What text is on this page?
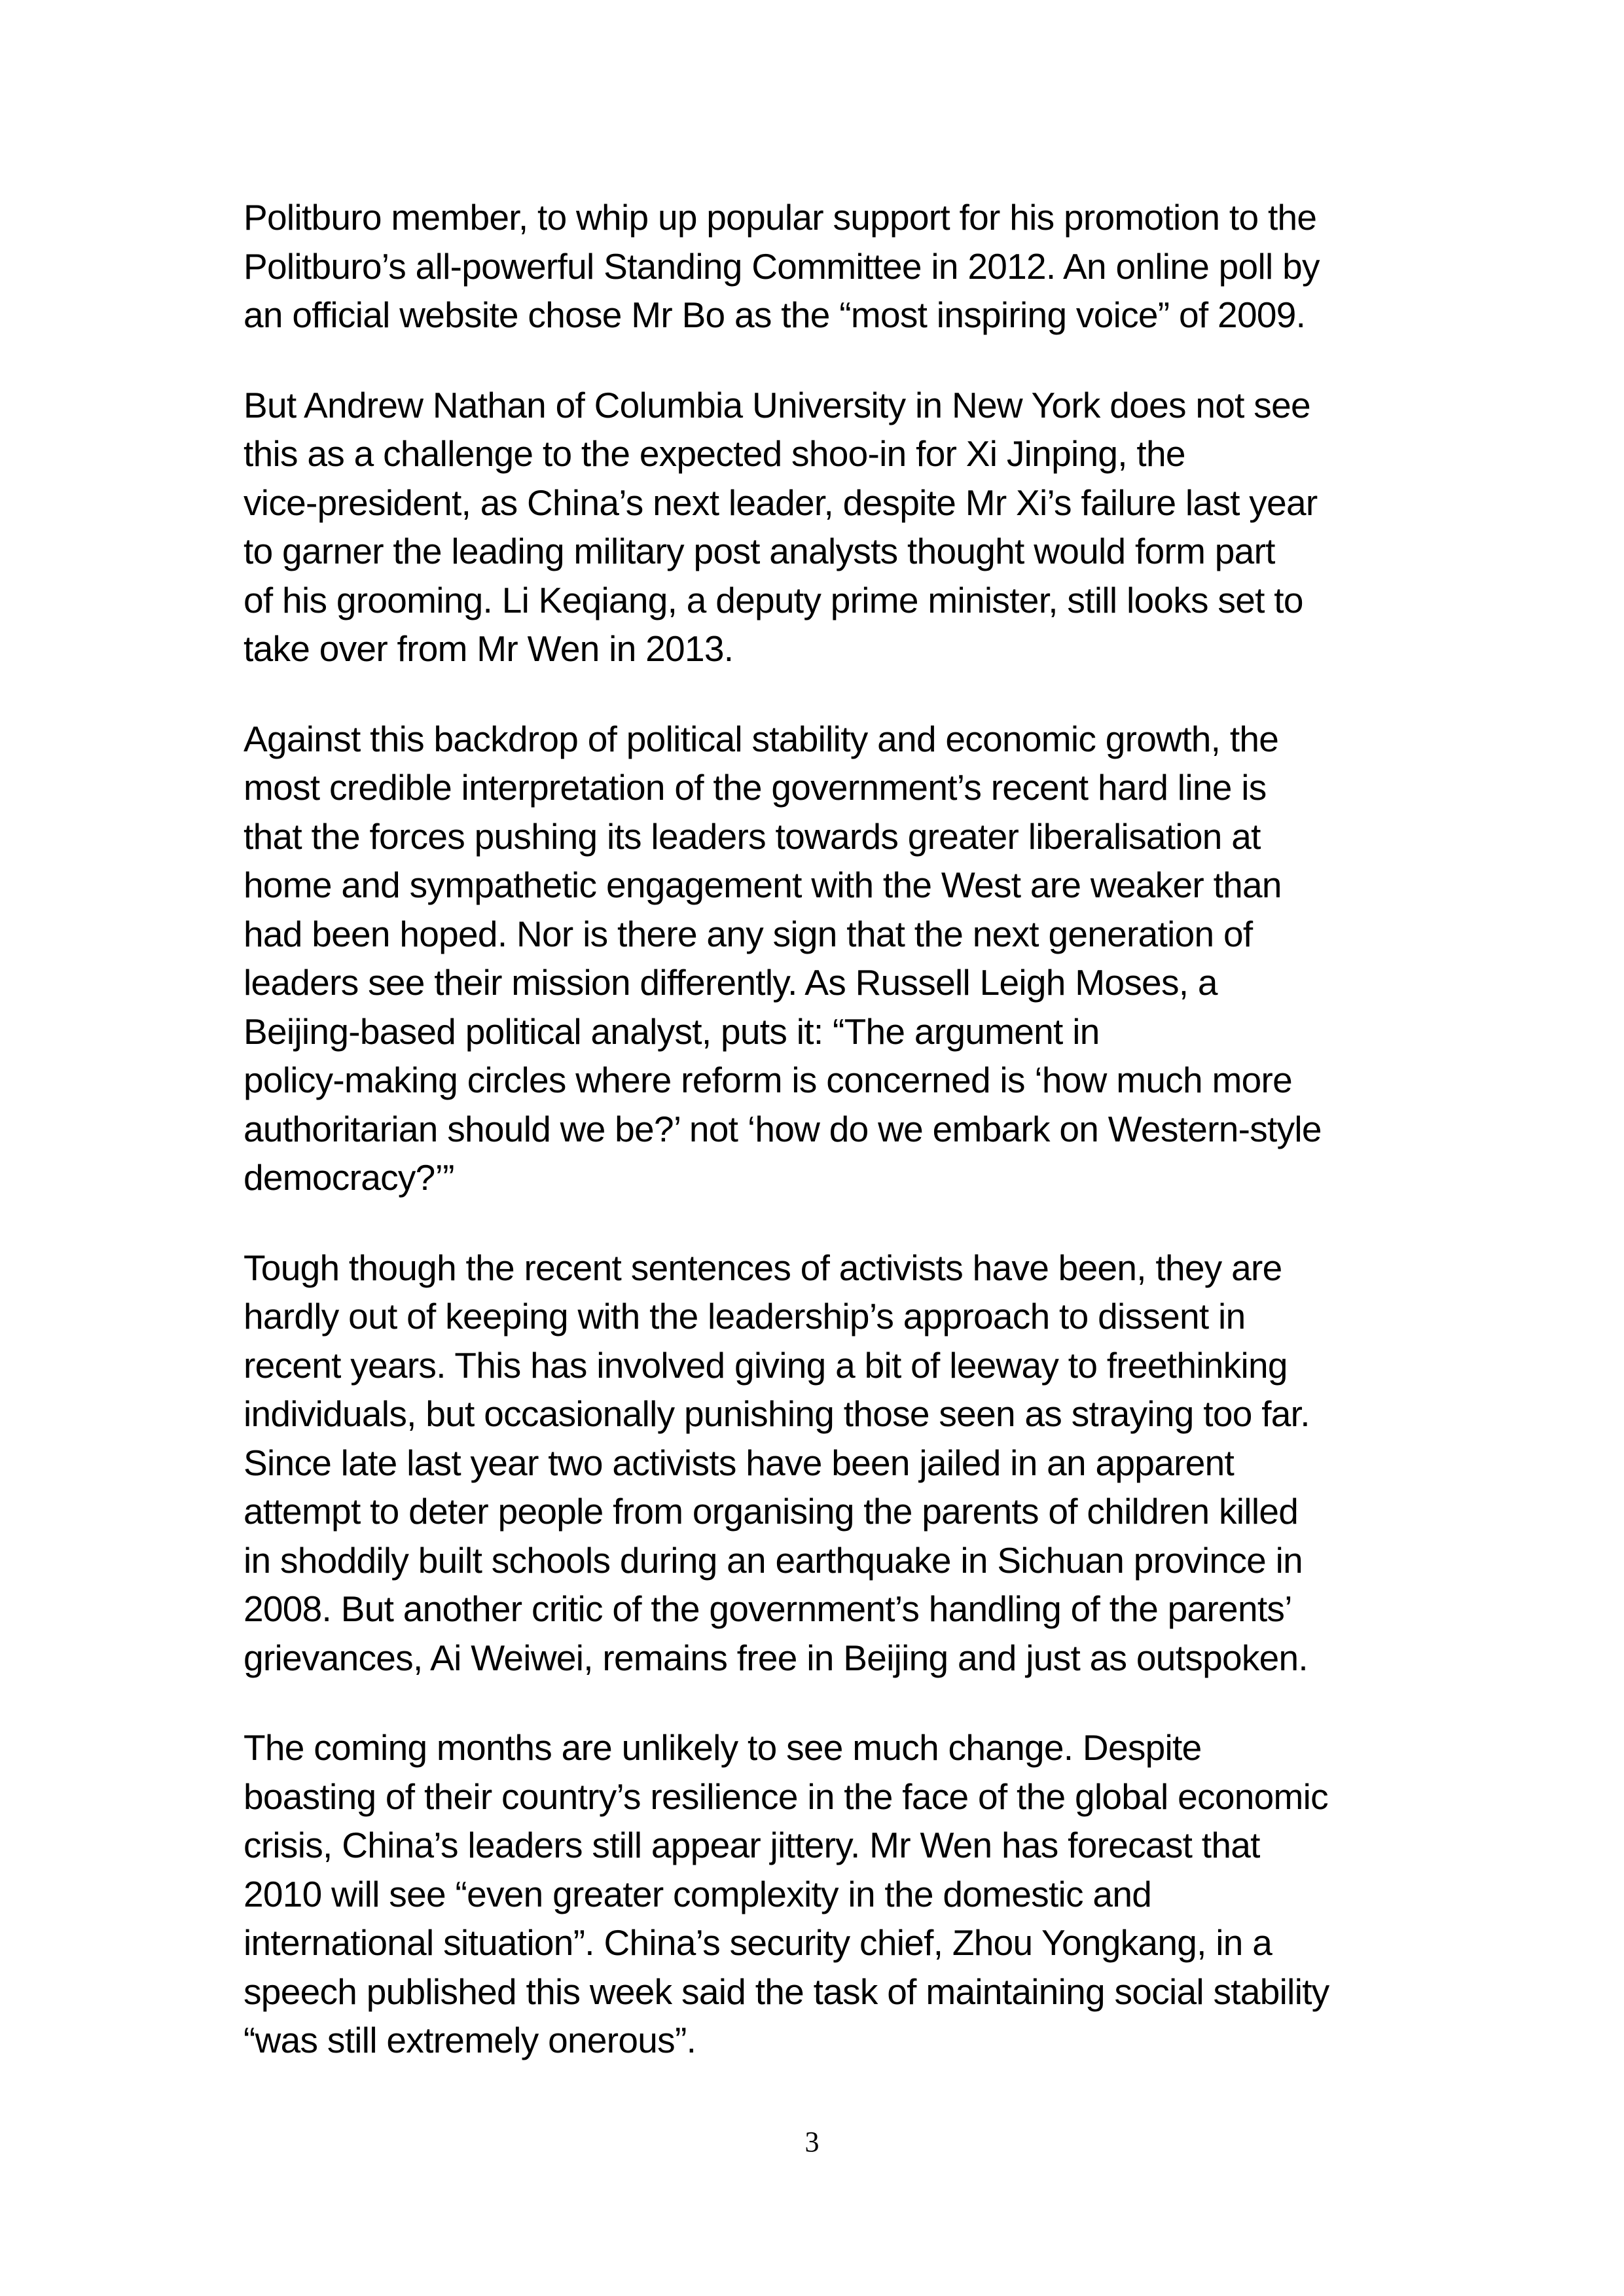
Politburo member, to whip up popular support for his promotion to the
Politburo’s all-powerful Standing Committee in 2012. An online poll by
an official website chose Mr Bo as the “most inspiring voice” of 2009.

But Andrew Nathan of Columbia University in New York does not see
this as a challenge to the expected shoo-in for Xi Jinping, the
vice-president, as China’s next leader, despite Mr Xi’s failure last year
to garner the leading military post analysts thought would form part
of his grooming. Li Keqiang, a deputy prime minister, still looks set to
take over from Mr Wen in 2013.

Against this backdrop of political stability and economic growth, the
most credible interpretation of the government’s recent hard line is
that the forces pushing its leaders towards greater liberalisation at
home and sympathetic engagement with the West are weaker than
had been hoped. Nor is there any sign that the next generation of
leaders see their mission differently. As Russell Leigh Moses, a
Beijing-based political analyst, puts it: “The argument in
policy-making circles where reform is concerned is ‘how much more
authoritarian should we be?’ not ‘how do we embark on Western-style
democracy?’”

Tough though the recent sentences of activists have been, they are
hardly out of keeping with the leadership’s approach to dissent in
recent years. This has involved giving a bit of leeway to freethinking
individuals, but occasionally punishing those seen as straying too far.
Since late last year two activists have been jailed in an apparent
attempt to deter people from organising the parents of children killed
in shoddily built schools during an earthquake in Sichuan province in
2008. But another critic of the government’s handling of the parents’
grievances, Ai Weiwei, remains free in Beijing and just as outspoken.

The coming months are unlikely to see much change. Despite
boasting of their country’s resilience in the face of the global economic
crisis, China’s leaders still appear jittery. Mr Wen has forecast that
2010 will see “even greater complexity in the domestic and
international situation”. China’s security chief, Zhou Yongkang, in a
speech published this week said the task of maintaining social stability
“was still extremely onerous”.

3
